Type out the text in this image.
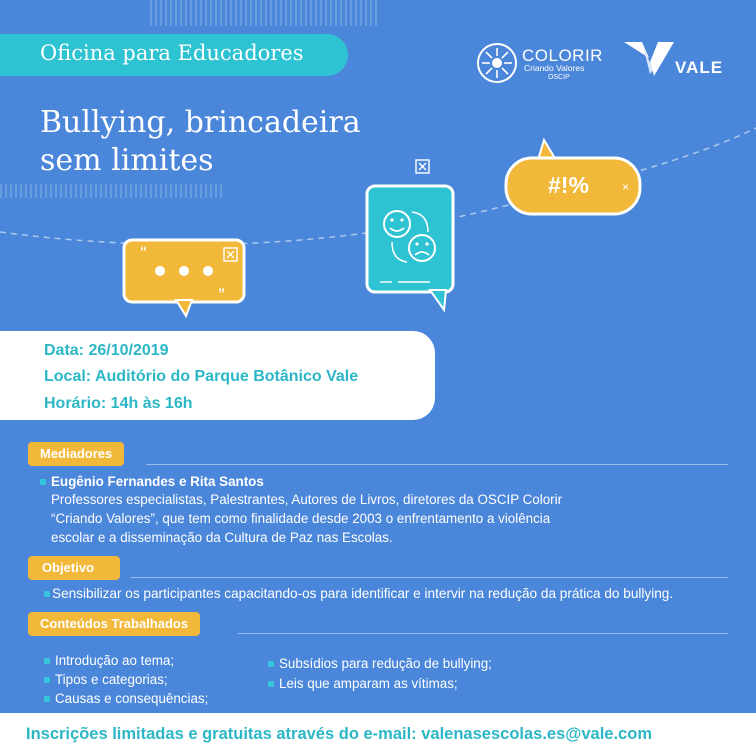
Oficina para Educadores
Bullying, brincadeira
sem limites
COLORIR
Criando Valores
OSCIP
VALE
“
”
×
#!%
Data: 26/10/2019
Local: Auditório do Parque Botânico Vale
Horário: 14h às 16h
Mediadores
Eugênio Fernandes e Rita Santos
Professores especialistas, Palestrantes, Autores de Livros, diretores da OSCIP Colorir
“Criando Valores”, que tem como finalidade desde 2003 o enfrentamento a violência
escolar e a disseminação da Cultura de Paz nas Escolas.
Objetivo
Sensibilizar os participantes capacitando-os para identificar e intervir na redução da prática do bullying.
Conteúdos Trabalhados
Introdução ao tema;
Tipos e categorias;
Causas e consequências;
Subsídios para redução de bullying;
Leis que amparam as vítimas;
Inscrições limitadas e gratuitas através do e-mail: valenasescolas.es@vale.com
